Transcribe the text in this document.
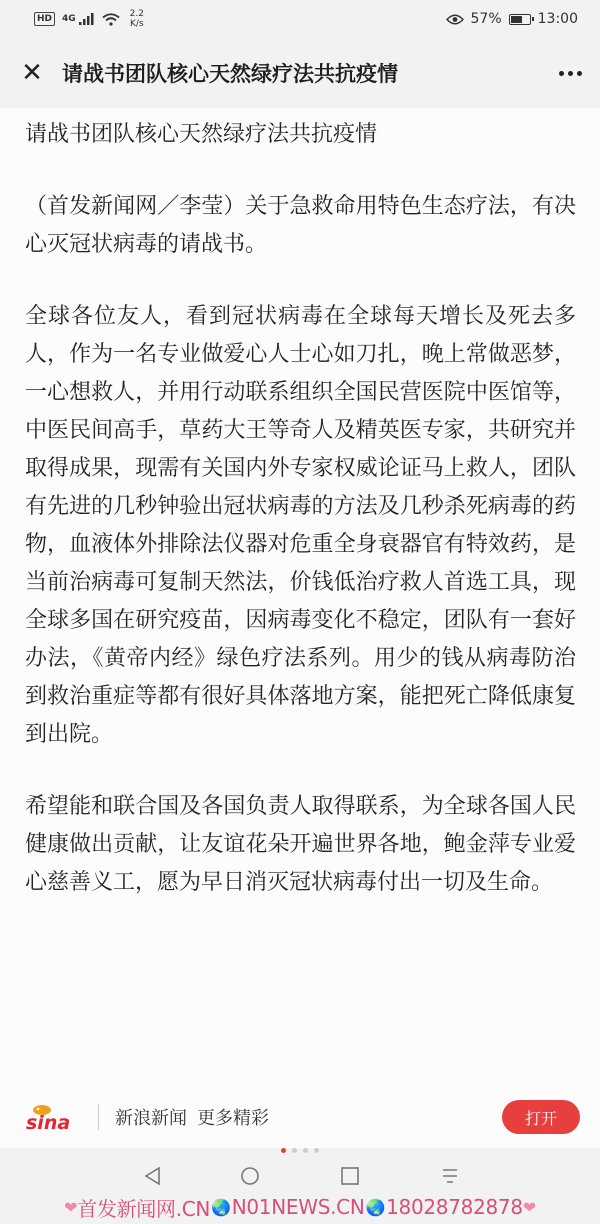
HD	4G	2.2
K/s	57%	13:00
✕ 请战书团队核心天然绿疗法共抗疫情
请战书团队核心天然绿疗法共抗疫情

（首发新闻网／李莹）关于急救命用特色生态疗法，有决心灭冠状病毒的请战书。

全球各位友人，看到冠状病毒在全球每天增长及死去多人，作为一名专业做爱心人士心如刀扎，晚上常做恶梦，一心想救人，并用行动联系组织全国民营医院中医馆等，中医民间高手，草药大王等奇人及精英医专家，共研究并取得成果，现需有关国内外专家权威论证马上救人，团队有先进的几秒钟验出冠状病毒的方法及几秒杀死病毒的药物，血液体外排除法仪器对危重全身衰器官有特效药，是当前治病毒可复制天然法，价钱低治疗救人首选工具，现全球多国在研究疫苗，因病毒变化不稳定，团队有一套好办法，《黄帝内经》绿色疗法系列。用少的钱从病毒防治到救治重症等都有很好具体落地方案，能把死亡降低康复到出院。

希望能和联合国及各国负责人取得联系，为全球各国人民健康做出贡献，让友谊花朵开遍世界各地，鲍金萍专业爱心慈善义工，愿为早日消灭冠状病毒付出一切及生命。

sina 新浪新闻 更多精彩	打开
❤ 首发新闻网.CN 🌏 N01NEWS.CN 🌏 18028782878 ❤
